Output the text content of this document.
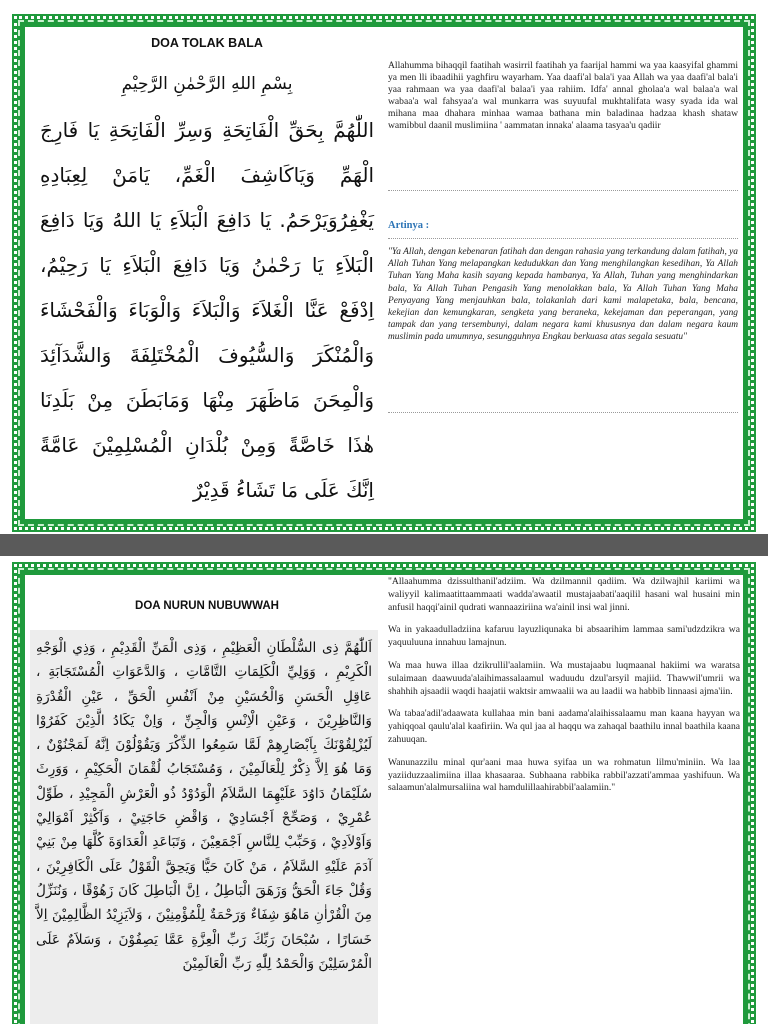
DOA TOLAK BALA
بِسْمِ اللهِ الرَّحْمٰنِ الرَّحِيْمِ
اللّٰهُمَّ بِحَقِّ الْفَاتِحَةِ وَسِرِّ الْفَاتِحَةِ يَا فَارِجَ الْهَمِّ وَيَاكَاشِفَ الْغَمِّ، يَامَنْ لِعِبَادِهِ يَغْفِرُوَيَرْحَمُ. يَا دَافِعَ الْبَلاَءِ يَا اللهُ وَيَا دَافِعَ الْبَلاَءِ يَا رَحْمٰنُ وَيَا دَافِعَ الْبَلاَءِ يَا رَحِيْمُ، اِدْفَعْ عَنَّا الْغَلاَءَ وَالْبَلاَءَ وَالْوَبَاءَ وَالْفَحْشَاءَ وَالْمُنْكَرَ وَالسُّيُوفَ الْمُخْتَلِفَةَ وَالشَّدَآئِدَ وَالْمِحَنَ مَاظَهَرَ مِنْهَا وَمَابَطَنَ مِنْ بَلَدِنَا هٰذَا خَاصَّةً وَمِنْ بُلْدَانِ الْمُسْلِمِيْنَ عَامَّةً اِنَّكَ عَلَى مَا تَشَاءُ قَدِيْرٌ
Allahumma bihaqqil faatihah wasirril faatihah ya faarijal hammi wa yaa kaasyifal ghammi ya men lli ibaadihii yaghfiru wayarham. Yaa daafi'al bala'i yaa Allah wa yaa daafi'al bala'i yaa rahmaan wa yaa daafi'al balaa'i yaa rahiim. Idfa' annal gholaa'a wal balaa'a wal wabaa'a wal fahsyaa'a wal munkarra was suyuufal mukhtalifata wasy syada ida wal mihana maa dhahara minhaa wamaa bathana min baladinaa hadzaa khash shataw wamibbul daanil muslimiina ' aammatan innaka' alaama tasyaa'u qadiir
Artinya :
"Ya Allah, dengan kebenaran fatihah dan dengan rahasia yang terkandung dalam fatihah, ya Allah Tuhan Yang melapangkan kedudukkan dan Yang menghilangkan kesedihan, Ya Allah Tuhan Yang Maha kasih sayang kepada hambanya, Ya Allah, Tuhan yang menghindarkan bala, Ya Allah Tuhan Pengasih Yang menolakkan bala, Ya Allah Tuhan Yang Maha Penyayang Yang menjauhkan bala, tolakanlah dari kami malapetaka, bala, bencana, kekejian dan kemungkaran, sengketa yang beraneka, kekejaman dan peperangan, yang tampak dan yang tersembunyi, dalam negara kami khususnya dan dalam negara kaum muslimin pada umumnya, sesungguhnya Engkau berkuasa atas segala sesuatu"
DOA NURUN NUBUWWAH
اَللّٰهُمَّ ذِى السُّلْطَانِ الْعَظِيْمِ ، وَذِى الْمَنِّ الْقَدِيْمِ ، وَذِي الْوَجْهِ الْكَرِيْمِ ، وَوَلِيِّ الْكَلِمَاتِ التَّامَّاتِ ، وَالدَّعَوَاتِ الْمُسْتَجَابَةِ ، عَاقِلِ الْحَسَنِ وَالْحُسَيْنِ مِنْ اَنْفُسِ الْحَقِّ ، عَيْنِ الْقُدْرَةِ وَالنَّاظِرِيْنَ ، وَعَيْنِ الْاِنْسِ وَالْجِنِّ ، وَاِنْ يَكَادُ الَّذِيْنَ كَفَرُوْا لَيُزْلِقُوْنَكَ بِاَبْصَارِهِمْ لَمَّا سَمِعُوا الذِّكْرَ وَيَقُوْلُوْنَ اِنَّهُ لَمَجْنُوْنٌ ، وَمَا هُوَ اِلاَّ ذِكْرٌ لِلْعَالَمِيْنَ ، وَمُسْتَجَابُ لُقْمَانَ الْحَكِيْمِ ، وَوَرِثَ سُلَيْمَانُ دَاوُدَ عَلَيْهِمَا السَّلاَمُ الْوَدُوْدُ ذُو الْعَرْشِ الْمَجِيْدِ ، طَوِّلْ عُمْرِيْ ، وَصَحِّحْ اَجْسَادِيْ ، وَاقْضِ حَاجَتِيْ ، وَاَكْثِرْ اَمْوَالِيْ وَاَوْلاَدِيْ ، وَحَبِّبْ لِلنَّاسِ اَجْمَعِيْنَ ، وَتَبَاعَدِ الْعَدَاوَةَ كُلَّهَا مِنْ بَنِيْ آدَمَ عَلَيْهِ السَّلاَمُ ، مَنْ كَانَ حَيًّا وَيَحِقَّ الْقَوْلُ عَلَى الْكَافِرِيْنَ ، وَقُلْ جَاءَ الْحَقُّ وَزَهَقَ الْبَاطِلُ ، اِنَّ الْبَاطِلَ كَانَ زَهُوْقًا ، وَنُنَزِّلُ مِنَ الْقُرْاٰنِ مَاهُوَ شِفَاءٌ وَرَحْمَةٌ لِلْمُؤْمِنِيْنَ ، وَلاَيَزِيْدُ الظَّالِمِيْنَ اِلاَّ خَسَارًا ، سُبْحَانَ رَبِّكَ رَبِّ الْعِزَّةِ عَمَّا يَصِفُوْنَ ، وَسَلاَمٌ عَلَى الْمُرْسَلِيْنَ وَالْحَمْدُ لِلّٰهِ رَبِّ الْعَالَمِيْنَ

"Allaahumma dzissulthanil'adziim. Wa dzilmannil qadiim. Wa dzilwajhil kariimi wa waliyyil kalimaatittaammaati wadda'awaatil mustajaabati'aaqilil hasani wal husaini min anfusil haqqi'ainil qudrati wannaaziriina wa'ainil insi wal jinni.

Wa in yakaadulladziina kafaruu layuzliqunaka bi absaarihim lammaa sami'udzdzikra wa yaquuluuna innahuu lamajnun.

Wa maa huwa illaa dzikrullil'aalamiin. Wa mustajaabu luqmaanal hakiimi wa waratsa sulaimaan daawuuda'alaihimassalaamul waduudu dzul'arsyil majiid. Thawwil'umrii wa shahhih ajsaadii waqdi haajatii waktsir amwaalii wa au laadii wa habbib linnaasi ajma'iin.

Wa tabaa'adil'adaawata kullahaa min bani aadama'alaihissalaamu man kaana hayyan wa yahiqqoal qaulu'alal kaafiriin. Wa qul jaa al haqqu wa zahaqal baathilu innal baathila kaana zahuuqan.

Wanunazzilu minal qur'aani maa huwa syifaa un wa rohmatun lilmu'miniin. Wa laa yaziiduzzaalimiina illaa khasaaraa. Subhaana rabbika rabbil'azzati'ammaa yashifuun. Wa salaamun'alalmursaliina wal hamdulillaahirabbil'aalamiin."
